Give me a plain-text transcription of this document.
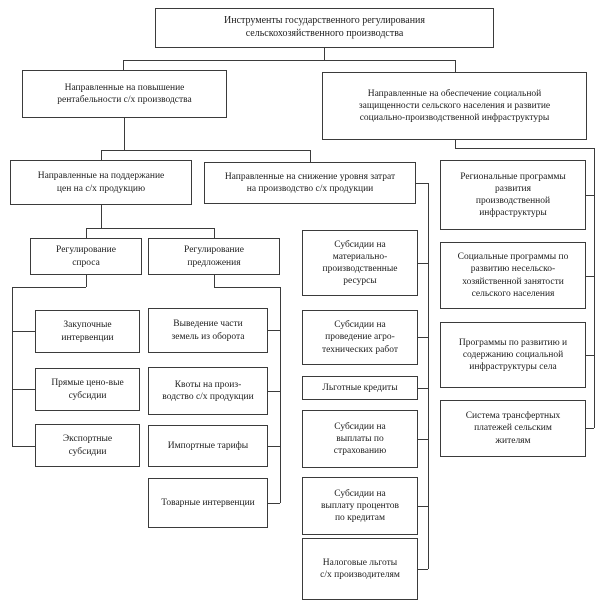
Инструменты государственного регулирования сельскохозяйственного производства
Направленные на повышение рентабельности с/х производства
Направленные на обеспечение социальной защищенности сельского населения и развитие социально-производственной инфраструктуры
Направленные на поддержание цен на с/х продукцию
Направленные на снижение уровня затрат на производство с/х продукции
Регулирование спроса
Регулирование предложения
Закупочные интервенции
Прямые цено-вые субсидии
Экспортные субсидии
Выведение части земель из оборота
Квоты на произ-водство с/х продукции
Импортные тарифы
Товарные интервенции
Субсидии на материально-производственные ресурсы
Субсидии на проведение агро-технических работ
Льготные кредиты
Субсидии на выплаты по страхованию
Субсидии на выплату процентов по кредитам
Налоговые льготы с/х производителям
Региональные программы развития производственной инфраструктуры
Социальные программы по развитию несельско-хозяйственной занятости сельского населения
Программы по развитию и содержанию социальной инфраструктуры села
Система трансфертных платежей сельским жителям
